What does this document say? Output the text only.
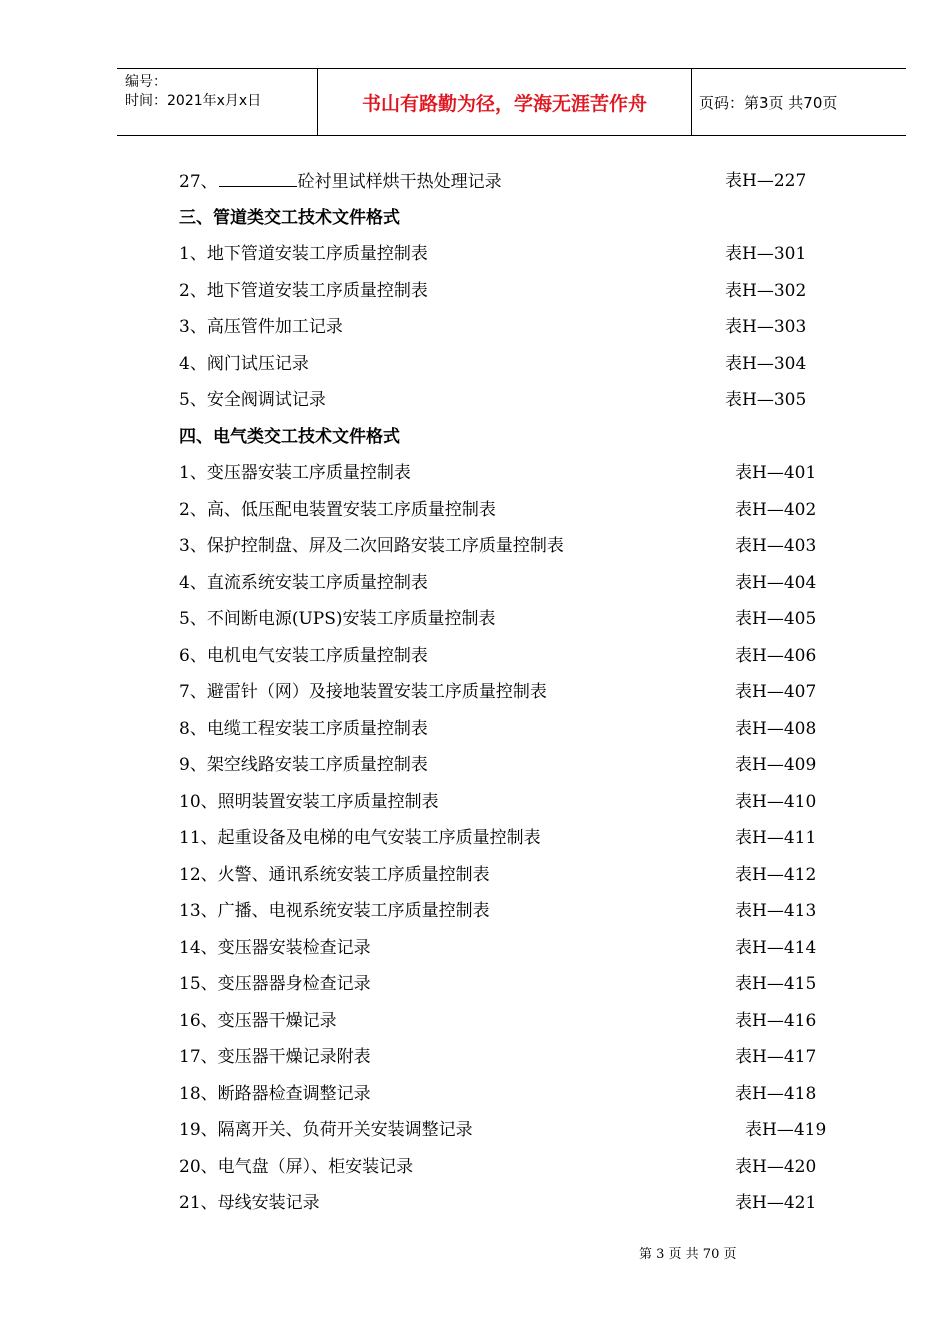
编号：
时间：2021年x月x日	书山有路勤为径，学海无涯苦作舟	页码：第3页 共70页
27、	砼衬里试样烘干热处理记录	表H—227
三、管道类交工技术文件格式
1、地下管道安装工序质量控制表	表H—301
2、地下管道安装工序质量控制表	表H—302
3、高压管件加工记录	表H—303
4、阀门试压记录	表H—304
5、安全阀调试记录	表H—305
四、电气类交工技术文件格式
1、变压器安装工序质量控制表	表H—401
2、高、低压配电装置安装工序质量控制表	表H—402
3、保护控制盘、屏及二次回路安装工序质量控制表	表H—403
4、直流系统安装工序质量控制表	表H—404
5、不间断电源(UPS)安装工序质量控制表	表H—405
6、电机电气安装工序质量控制表	表H—406
7、避雷针（网）及接地装置安装工序质量控制表	表H—407
8、电缆工程安装工序质量控制表	表H—408
9、架空线路安装工序质量控制表	表H—409
10、照明装置安装工序质量控制表	表H—410
11、起重设备及电梯的电气安装工序质量控制表	表H—411
12、火警、通讯系统安装工序质量控制表	表H—412
13、广播、电视系统安装工序质量控制表	表H—413
14、变压器安装检查记录	表H—414
15、变压器器身检查记录	表H—415
16、变压器干燥记录	表H—416
17、变压器干燥记录附表	表H—417
18、断路器检查调整记录	表H—418
19、隔离开关、负荷开关安装调整记录	表H—419
20、电气盘（屏）、柜安装记录	表H—420
21、母线安装记录	表H—421
第 3 页 共 70 页
